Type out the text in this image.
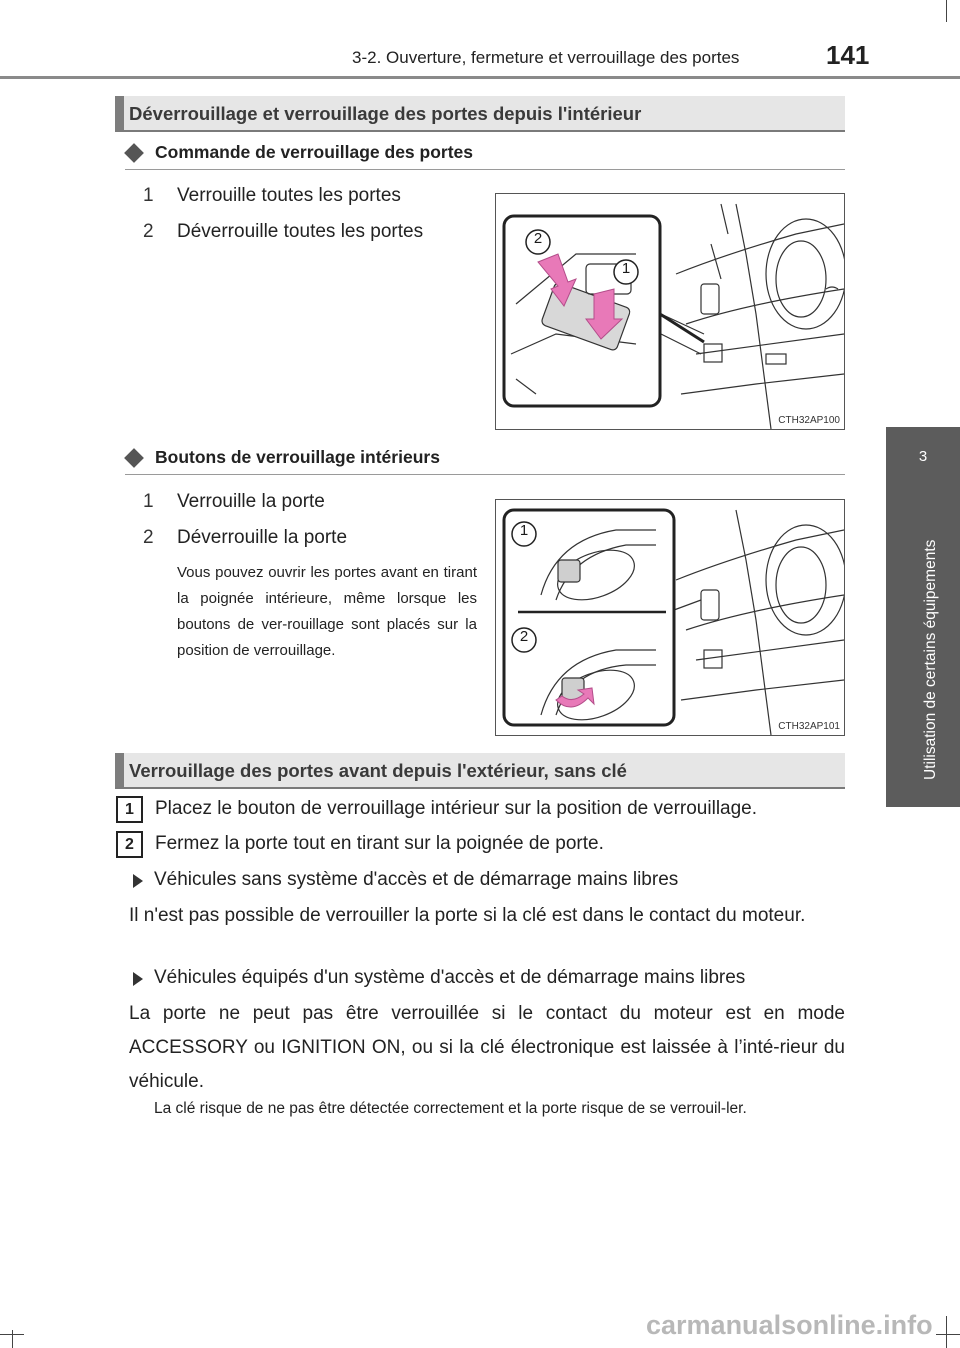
3-2. Ouverture, fermeture et verrouillage des portes	141
3
Utilisation de certains équipements
Déverrouillage et verrouillage des portes depuis l'intérieur
Commande de verrouillage des portes
1 Verrouille toutes les portes
2 Déverrouille toutes les portes	2
1
CTH32AP100
Boutons de verrouillage intérieurs
1 Verrouille la porte
2 Déverrouille la porte
Vous pouvez ouvrir les portes avant en tirant la poignée intérieure, même lorsque les boutons de ver-rouillage sont placés sur la position de verrouillage.
1
2
CTH32AP101
Verrouillage des portes avant depuis l'extérieur, sans clé
1	Placez le bouton de verrouillage intérieur sur la position de verrouillage.
2	Fermez la porte tout en tirant sur la poignée de porte.
Véhicules sans système d'accès et de démarrage mains libres
Il n'est pas possible de verrouiller la porte si la clé est dans le contact du moteur.
Véhicules équipés d'un système d'accès et de démarrage mains libres
La porte ne peut pas être verrouillée si le contact du moteur est en mode ACCESSORY ou IGNITION ON, ou si la clé électronique est laissée à l’inté-rieur du véhicule.
La clé risque de ne pas être détectée correctement et la porte risque de se verrouil-ler.
carmanualsonline.info
